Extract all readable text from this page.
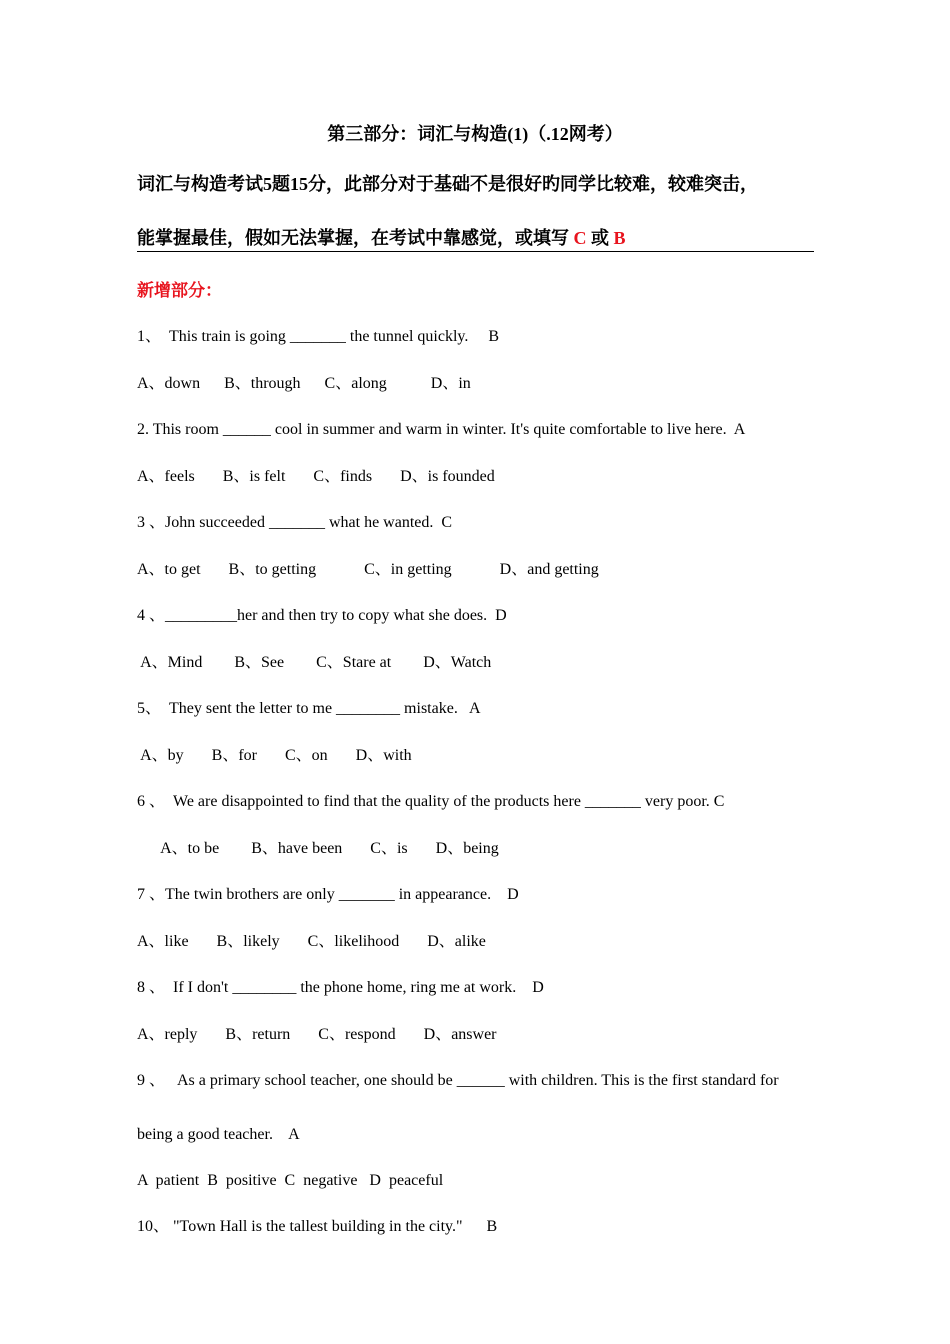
第三部分：词汇与构造(1)（.12网考）
词汇与构造考试5题15分，此部分对于基础不是很好旳同学比较难，较难突击，
能掌握最佳，假如无法掌握，在考试中靠感觉，或填写 C 或 B
新增部分：
1、  This train is going _______ the tunnel quickly.     B
A、down      B、through      C、along           D、in
2. This room ______ cool in summer and warm in winter. It's quite comfortable to live here.  A
A、feels       B、is felt       C、finds       D、is founded
3 、John succeeded _______ what he wanted.  C
A、to get       B、to getting            C、in getting            D、and getting
4 、_________her and then try to copy what she does.  D
A、Mind        B、See        C、Stare at        D、Watch
5、  They sent the letter to me ________ mistake.   A
A、by       B、for       C、on       D、with
6 、  We are disappointed to find that the quality of the products here _______ very poor. C
A、to be        B、have been       C、is       D、being
7 、The twin brothers are only _______ in appearance.    D
A、like       B、likely       C、likelihood       D、alike
8 、  If I don't ________ the phone home, ring me at work.    D
A、reply       B、return       C、respond       D、answer
9 、   As a primary school teacher, one should be ______ with children. This is the first standard for
being a good teacher.    A
A  patient  B  positive  C  negative   D  peaceful
10、 "Town Hall is the tallest building in the city."      B
